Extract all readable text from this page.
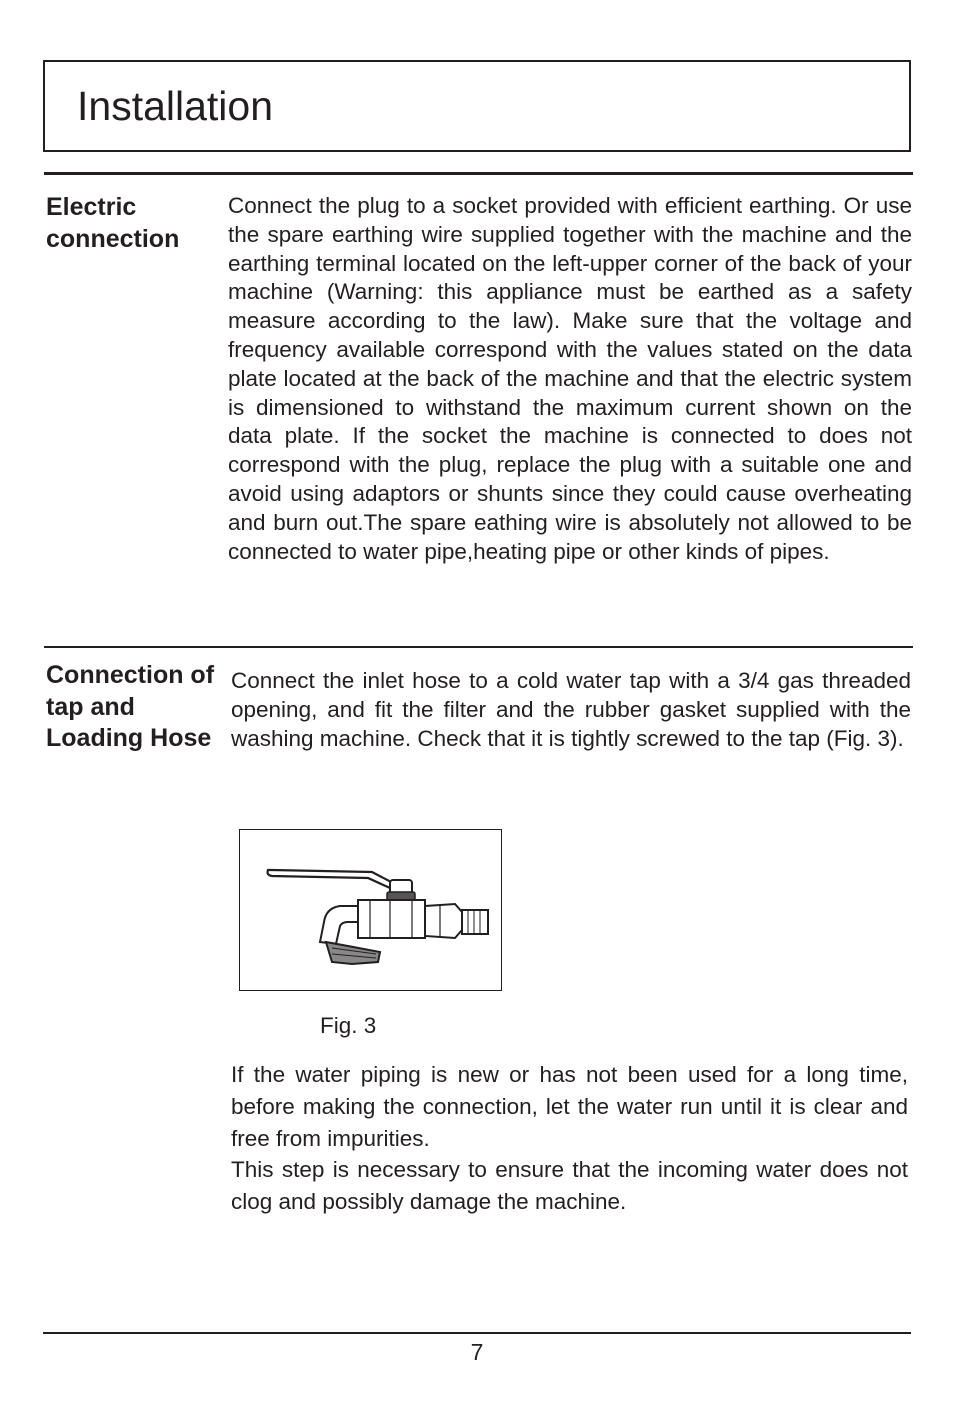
Installation
Electric connection

Connect the plug to a socket provided with efficient earthing. Or use the spare earthing wire supplied together with the machine and the earthing terminal located on the left-upper corner of the back of your machine (Warning: this appliance must be earthed as a safety measure according to the law). Make sure that the voltage and frequency available correspond with the values stated on the data plate located at the back of the machine and that the electric system is dimensioned to withstand the maximum current shown on the data plate. If the socket the machine is connected to does not correspond with the plug, replace the plug with a suitable one and avoid using adaptors or shunts since they could cause overheating and burn out.The spare eathing wire is absolutely not allowed to be connected to water pipe,heating pipe or other kinds of pipes.

Connection of tap and Loading Hose

Connect the inlet hose to a cold water tap with a 3/4 gas threaded opening, and fit the filter and the rubber gasket supplied with the washing machine. Check that it is tightly screwed to the tap (Fig. 3).

Fig. 3

If the water piping is new or has not been used for a long time, before making the connection, let the water run until it is clear and free from impurities.
This step is necessary to ensure that the incoming water does not clog and possibly damage the machine.

7
